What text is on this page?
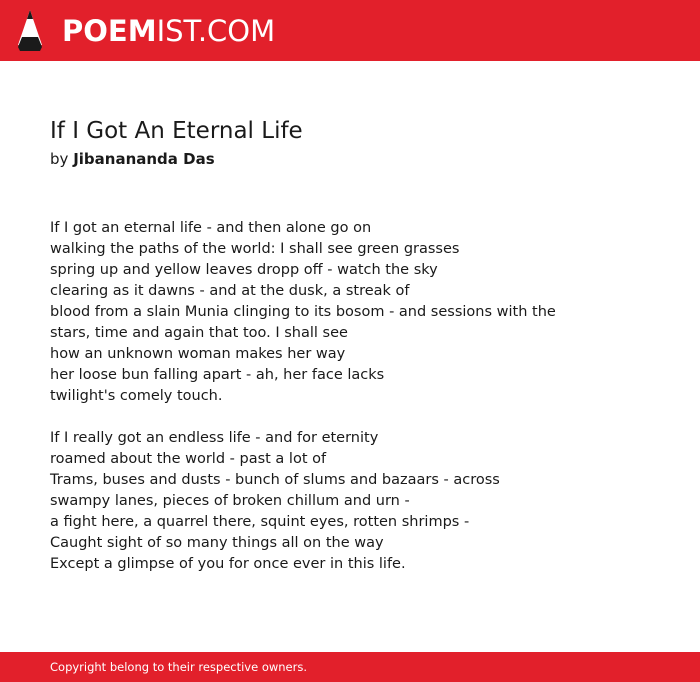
POEMIST.COM
If I Got An Eternal Life
by Jibanananda Das
If I got an eternal life - and then alone go on
walking the paths of the world: I shall see green grasses
spring up and yellow leaves dropp off - watch the sky
clearing as it dawns - and at the dusk, a streak of
blood from a slain Munia clinging to its bosom - and sessions with the
stars, time and again that too. I shall see
how an unknown woman makes her way
her loose bun falling apart - ah, her face lacks
twilight's comely touch.
If I really got an endless life - and for eternity
roamed about the world - past a lot of
Trams, buses and dusts - bunch of slums and bazaars - across
swampy lanes, pieces of broken chillum and urn -
a fight here, a quarrel there, squint eyes, rotten shrimps -
Caught sight of so many things all on the way
Except a glimpse of you for once ever in this life.
Copyright belong to their respective owners.
